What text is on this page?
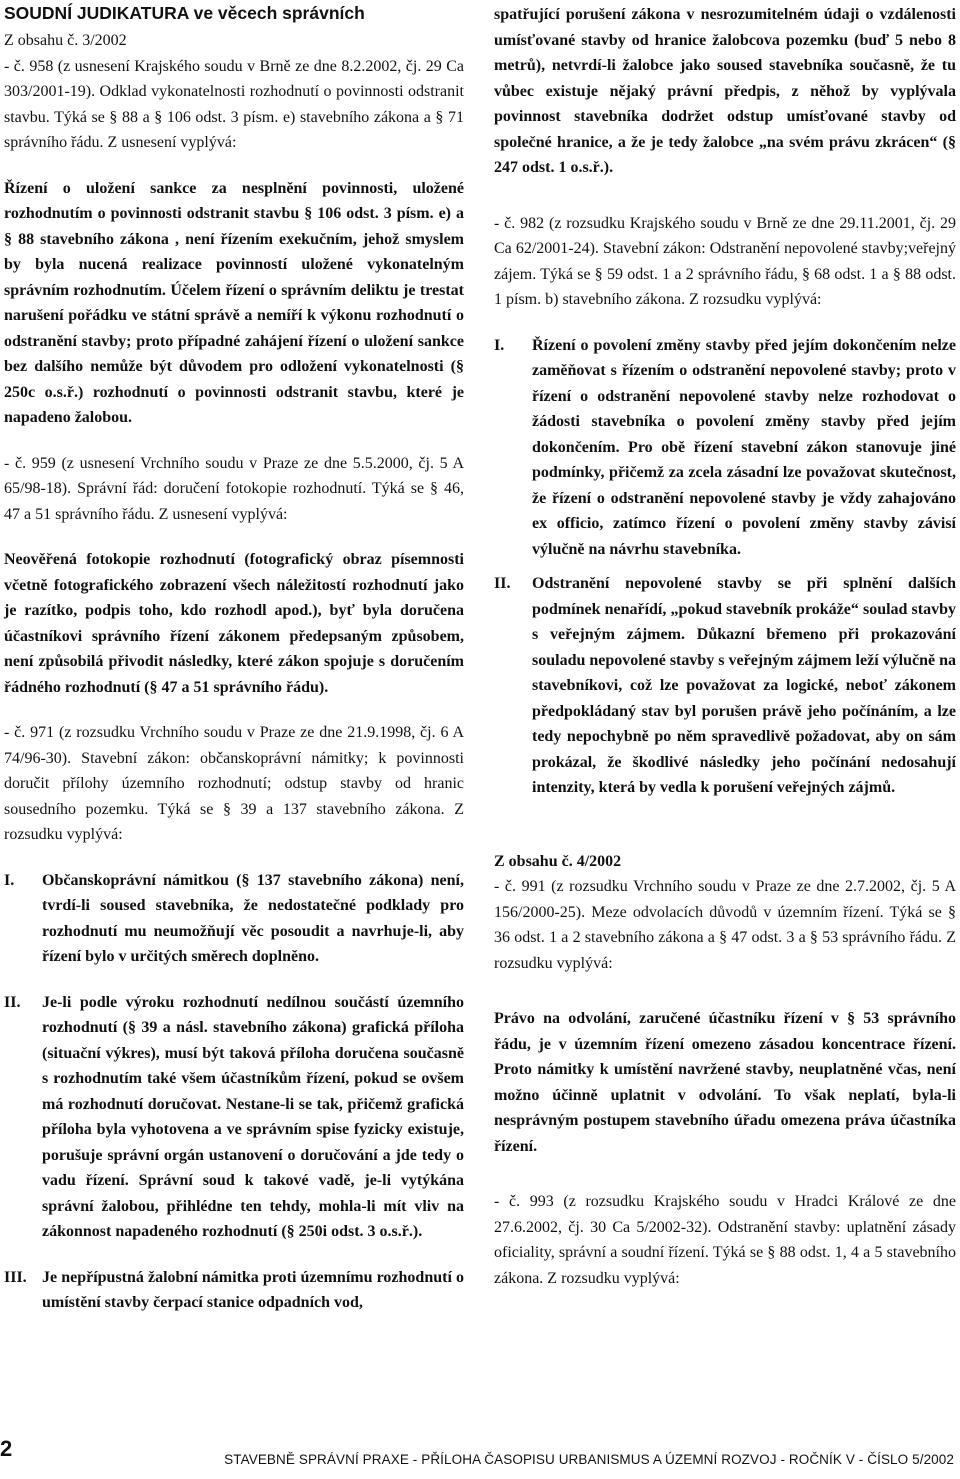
SOUDNÍ JUDIKATURA ve věcech správních

Z obsahu č. 3/2002

- č. 958 (z usnesení Krajského soudu v Brně ze dne 8.2.2002, čj. 29 Ca 303/2001-19). Odklad vykonatelnosti rozhodnutí o povinnosti odstranit stavbu. Týká se § 88 a § 106 odst. 3 písm. e) stavebního zákona a § 71 správního řádu. Z usnesení vyplývá:

Řízení o uložení sankce za nesplnění povinnosti, uložené rozhodnutím o povinnosti odstranit stavbu § 106 odst. 3 písm. e) a § 88 stavebního zákona , není řízením exekučním, jehož smyslem by byla nucená realizace povinností uložené vykonatelným správním rozhodnutím. Účelem řízení o správním deliktu je trestat narušení pořádku ve státní správě a nemíří k výkonu rozhodnutí o odstranění stavby; proto případné zahájení řízení o uložení sankce bez dalšího nemůže být důvodem pro odložení vykonatelnosti (§ 250c o.s.ř.) rozhodnutí o povinnosti odstranit stavbu, které je napadeno žalobou.

- č. 959 (z usnesení Vrchního soudu v Praze ze dne 5.5.2000, čj. 5 A 65/98-18). Správní řád: doručení fotokopie rozhodnutí. Týká se § 46, 47 a 51 správního řádu. Z usnesení vyplývá:

Neověřená fotokopie rozhodnutí (fotografický obraz písemnosti včetně fotografického zobrazení všech náležitostí rozhodnutí jako je razítko, podpis toho, kdo rozhodl apod.), byť byla doručena účastníkovi správního řízení zákonem předepsaným způsobem, není způsobilá přivodit následky, které zákon spojuje s doručením řádného rozhodnutí (§ 47 a 51 správního řádu).

- č. 971 (z rozsudku Vrchního soudu v Praze ze dne 21.9.1998, čj. 6 A 74/96-30). Stavební zákon: občanskoprávní námitky; k povinnosti doručit přílohy územního rozhodnutí; odstup stavby od hranic sousedního pozemku. Týká se § 39 a 137 stavebního zákona. Z rozsudku vyplývá:

I.	Občanskoprávní námitkou (§ 137 stavebního zákona) není, tvrdí-li soused stavebníka, že nedostatečné podklady pro rozhodnutí mu neumožňují věc posoudit a navrhuje-li, aby řízení bylo v určitých směrech doplněno.
II.	Je-li podle výroku rozhodnutí nedílnou součástí územního rozhodnutí (§ 39 a násl. stavebního zákona) grafická příloha (situační výkres), musí být taková příloha doručena současně s rozhodnutím také všem účastníkům řízení, pokud se ovšem má rozhodnutí doručovat. Nestane-li se tak, přičemž grafická příloha byla vyhotovena a ve správním spise fyzicky existuje, porušuje správní orgán ustanovení o doručování a jde tedy o vadu řízení. Správní soud k takové vadě, je-li vytýkána správní žalobou, přihlédne ten tehdy, mohla-li mít vliv na zákonnost napadeného rozhodnutí (§ 250i odst. 3 o.s.ř.).
III. Je nepřípustná žalobní námitka proti územnímu rozhodnutí o umístění stavby čerpací stanice odpadních vod,

spatřující porušení zákona v nesrozumitelném údaji o vzdálenosti umísťované stavby od hranice žalobcova pozemku (buď 5 nebo 8 metrů), netvrdí-li žalobce jako soused stavebníka současně, že tu vůbec existuje nějaký právní předpis, z něhož by vyplývala povinnost stavebníka dodržet odstup umísťované stavby od společné hranice, a že je tedy žalobce „na svém právu zkrácen“ (§ 247 odst. 1 o.s.ř.).

- č. 982 (z rozsudku Krajského soudu v Brně ze dne 29.11.2001, čj. 29 Ca 62/2001-24). Stavební zákon: Odstranění nepovolené stavby;veřejný zájem. Týká se § 59 odst. 1 a 2 správního řádu, § 68 odst. 1 a § 88 odst. 1 písm. b) stavebního zákona. Z rozsudku vyplývá:

I.	Řízení o povolení změny stavby před jejím dokončením nelze zaměňovat s řízením o odstranění nepovolené stavby; proto v řízení o odstranění nepovolené stavby nelze rozhodovat o žádosti stavebníka o povolení změny stavby před jejím dokončením. Pro obě řízení stavební zákon stanovuje jiné podmínky, přičemž za zcela zásadní lze považovat skutečnost, že řízení o odstranění nepovolené stavby je vždy zahajováno ex officio, zatímco řízení o povolení změny stavby závisí výlučně na návrhu stavebníka.
II.	Odstranění nepovolené stavby se při splnění dalších podmínek nenařídí, „pokud stavebník prokáže“ soulad stavby s veřejným zájmem. Důkazní břemeno při prokazování souladu nepovolené stavby s veřejným zájmem leží výlučně na stavebníkovi, což lze považovat za logické, neboť zákonem předpokládaný stav byl porušen právě jeho počínáním, a lze tedy nepochybně po něm spravedlivě požadovat, aby on sám prokázal, že škodlivé následky jeho počínání nedosahují intenzity, která by vedla k porušení veřejných zájmů.

Z obsahu č. 4/2002

- č. 991 (z rozsudku Vrchního soudu v Praze ze dne 2.7.2002, čj. 5 A 156/2000-25). Meze odvolacích důvodů v územním řízení. Týká se § 36 odst. 1 a 2 stavebního zákona a § 47 odst. 3 a § 53 správního řádu. Z rozsudku vyplývá:

Právo na odvolání, zaručené účastníku řízení v § 53 správního řádu, je v územním řízení omezeno zásadou koncentrace řízení. Proto námitky k umístění navržené stavby, neuplatněné včas, není možno účinně uplatnit v odvolání. To však neplatí, byla-li nesprávným postupem stavebního úřadu omezena práva účastníka řízení.

- č. 993 (z rozsudku Krajského soudu v Hradci Králové ze dne 27.6.2002, čj. 30 Ca 5/2002-32). Odstranění stavby: uplatnění zásady oficiality, správní a soudní řízení. Týká se § 88 odst. 1, 4 a 5 stavebního zákona. Z rozsudku vyplývá:

2	STAVEBNĚ SPRÁVNÍ PRAXE - PŘÍLOHA ČASOPISU URBANISMUS A ÚZEMNÍ ROZVOJ - ROČNÍK V - ČÍSLO 5/2002
